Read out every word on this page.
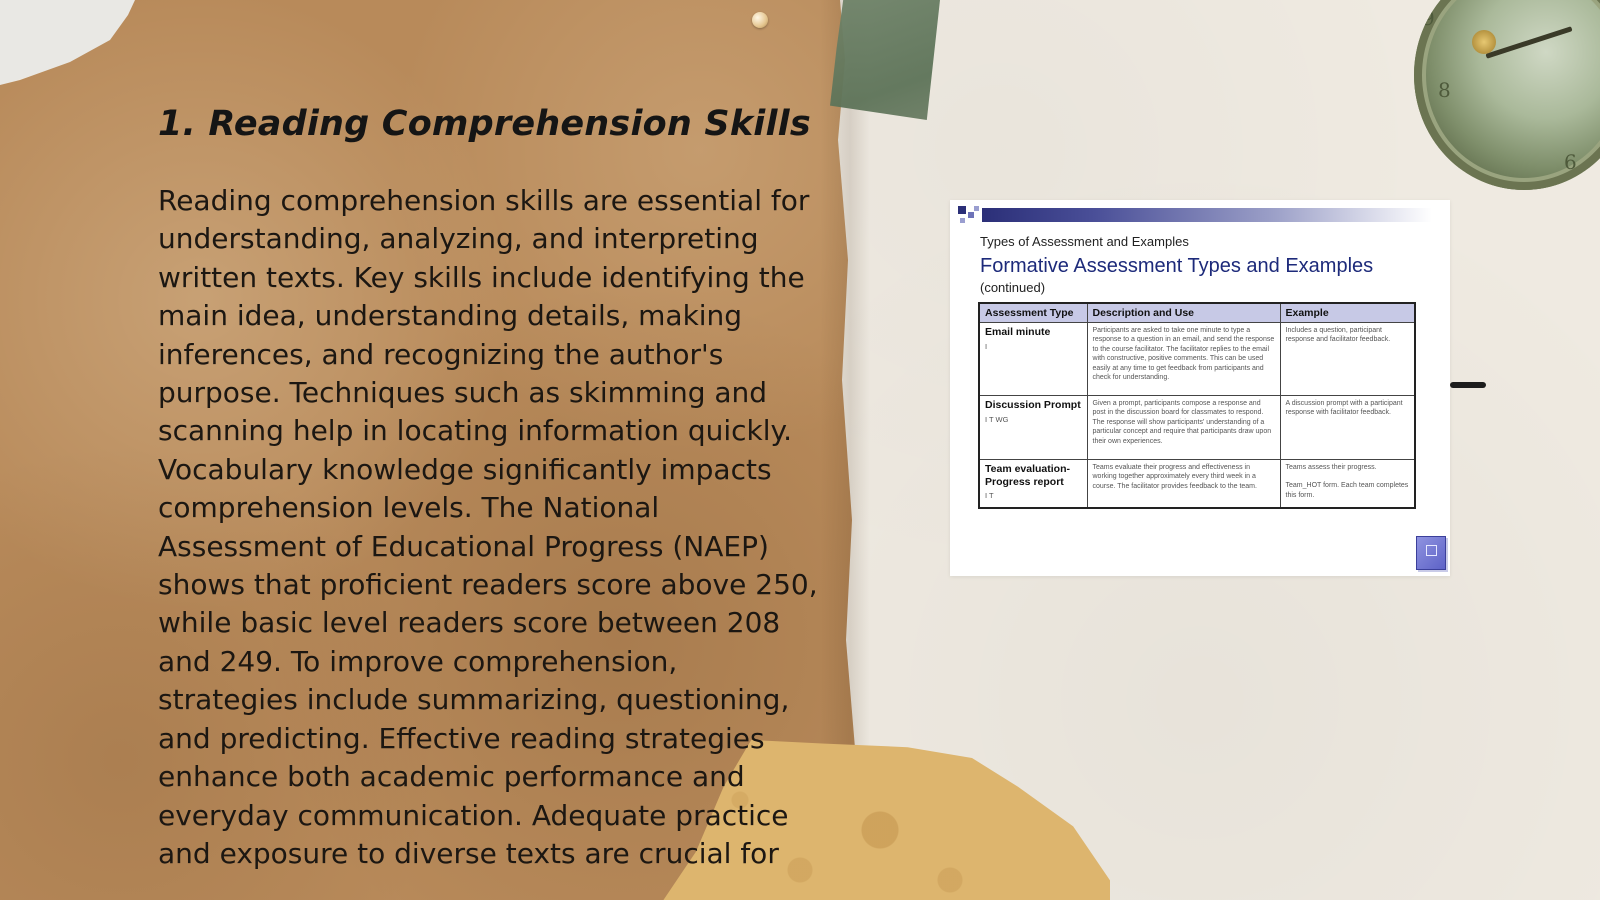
9
8
6
1. Reading Comprehension Skills

Reading comprehension skills are essential for understanding, analyzing, and interpreting written texts. Key skills include identifying the main idea, understanding details, making inferences, and recognizing the author's purpose. Techniques such as skimming and scanning help in locating information quickly. Vocabulary knowledge significantly impacts comprehension levels. The National Assessment of Educational Progress (NAEP) shows that proficient readers score above 250, while basic level readers score between 208 and 249. To improve comprehension, strategies include summarizing, questioning, and predicting. Effective reading strategies enhance both academic performance and everyday communication. Adequate practice and exposure to diverse texts are crucial for

Types of Assessment and Examples
Formative Assessment Types and Examples
(continued)
Assessment Type	Description and Use	Example
Email minute
I	Participants are asked to take one minute to type a response to a question in an email, and send the response to the course facilitator. The facilitator replies to the email with constructive, positive comments. This can be used easily at any time to get feedback from participants and check for understanding.	Includes a question, participant response and facilitator feedback.
Discussion Prompt
I T WG	Given a prompt, participants compose a response and post in the discussion board for classmates to respond. The response will show participants' understanding of a particular concept and require that participants draw upon their own experiences.	A discussion prompt with a participant response with facilitator feedback.
Team evaluation-Progress report
I T	Teams evaluate their progress and effectiveness in working together approximately every third week in a course. The facilitator provides feedback to the team.	Teams assess their progress.
Team_HOT form. Each team completes this form.
